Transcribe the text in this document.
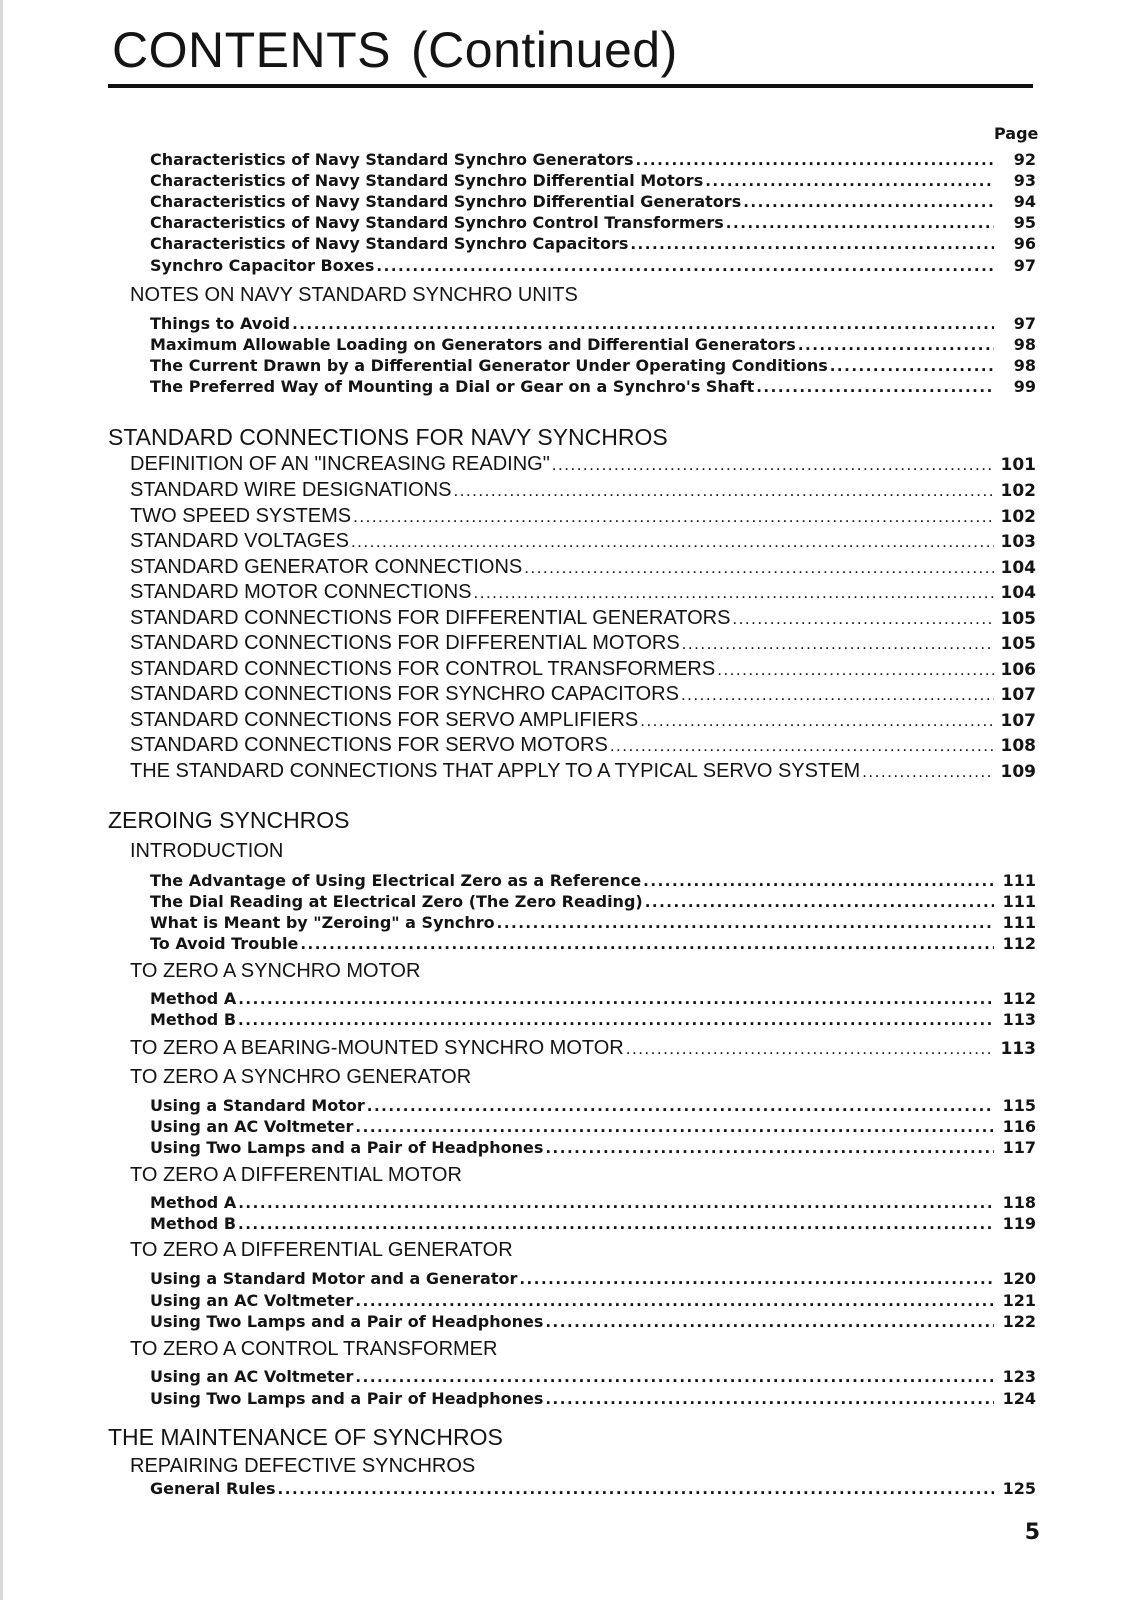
CONTENTS (Continued)
Page
Characteristics of Navy Standard Synchro Generators .....	92
Characteristics of Navy Standard Synchro Differential Motors .....	93
Characteristics of Navy Standard Synchro Differential Generators .....	94
Characteristics of Navy Standard Synchro Control Transformers .....	95
Characteristics of Navy Standard Synchro Capacitors .....	96
Synchro Capacitor Boxes .....	97
NOTES ON NAVY STANDARD SYNCHRO UNITS
Things to Avoid .....	97
Maximum Allowable Loading on Generators and Differential Generators .....	98
The Current Drawn by a Differential Generator Under Operating Conditions .....	98
The Preferred Way of Mounting a Dial or Gear on a Synchro's Shaft .....	99
STANDARD CONNECTIONS FOR NAVY SYNCHROS
DEFINITION OF AN "INCREASING READING" .....	101
STANDARD WIRE DESIGNATIONS .....	102
TWO SPEED SYSTEMS .....	102
STANDARD VOLTAGES .....	103
STANDARD GENERATOR CONNECTIONS .....	104
STANDARD MOTOR CONNECTIONS .....	104
STANDARD CONNECTIONS FOR DIFFERENTIAL GENERATORS .....	105
STANDARD CONNECTIONS FOR DIFFERENTIAL MOTORS .....	105
STANDARD CONNECTIONS FOR CONTROL TRANSFORMERS .....	106
STANDARD CONNECTIONS FOR SYNCHRO CAPACITORS .....	107
STANDARD CONNECTIONS FOR SERVO AMPLIFIERS .....	107
STANDARD CONNECTIONS FOR SERVO MOTORS .....	108
THE STANDARD CONNECTIONS THAT APPLY TO A TYPICAL SERVO SYSTEM .....	109
ZEROING SYNCHROS
INTRODUCTION
The Advantage of Using Electrical Zero as a Reference .....	111
The Dial Reading at Electrical Zero (The Zero Reading) .....	111
What is Meant by "Zeroing" a Synchro .....	111
To Avoid Trouble .....	112
TO ZERO A SYNCHRO MOTOR
Method A .....	112
Method B .....	113
TO ZERO A BEARING-MOUNTED SYNCHRO MOTOR .....	113
TO ZERO A SYNCHRO GENERATOR
Using a Standard Motor .....	115
Using an AC Voltmeter .....	116
Using Two Lamps and a Pair of Headphones .....	117
TO ZERO A DIFFERENTIAL MOTOR
Method A .....	118
Method B .....	119
TO ZERO A DIFFERENTIAL GENERATOR
Using a Standard Motor and a Generator .....	120
Using an AC Voltmeter .....	121
Using Two Lamps and a Pair of Headphones .....	122
TO ZERO A CONTROL TRANSFORMER
Using an AC Voltmeter .....	123
Using Two Lamps and a Pair of Headphones .....	124
THE MAINTENANCE OF SYNCHROS
REPAIRING DEFECTIVE SYNCHROS
General Rules .....	125
5
